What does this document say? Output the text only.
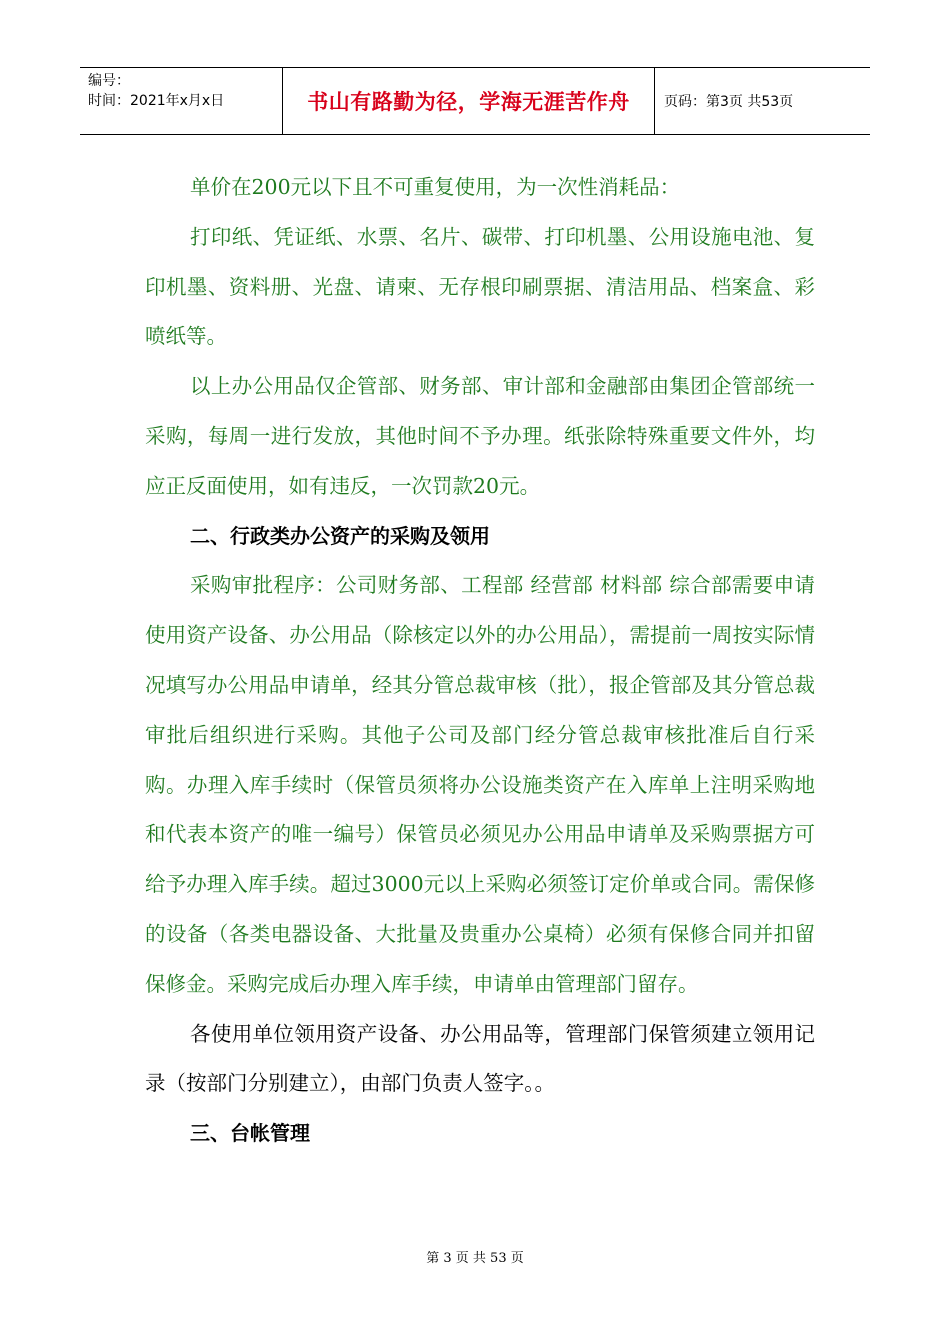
编号：
时间：2021年x月x日	书山有路勤为径，学海无涯苦作舟 页码：第3页 共53页

单价在200元以下且不可重复使用，为一次性消耗品：

打印纸、凭证纸、水票、名片、碳带、打印机墨、公用设施电池、复印机墨、资料册、光盘、请柬、无存根印刷票据、清洁用品、档案盒、彩喷纸等。

以上办公用品仅企管部、财务部、审计部和金融部由集团企管部统一采购，每周一进行发放，其他时间不予办理。纸张除特殊重要文件外，均应正反面使用，如有违反，一次罚款20元。

二、行政类办公资产的采购及领用

采购审批程序：公司财务部、工程部 经营部 材料部 综合部需要申请使用资产设备、办公用品（除核定以外的办公用品），需提前一周按实际情况填写办公用品申请单，经其分管总裁审核（批），报企管部及其分管总裁审批后组织进行采购。其他子公司及部门经分管总裁审核批准后自行采购。办理入库手续时（保管员须将办公设施类资产在入库单上注明采购地和代表本资产的唯一编号）保管员必须见办公用品申请单及采购票据方可给予办理入库手续。超过3000元以上采购必须签订定价单或合同。需保修的设备（各类电器设备、大批量及贵重办公桌椅）必须有保修合同并扣留保修金。采购完成后办理入库手续，申请单由管理部门留存。

各使用单位领用资产设备、办公用品等，管理部门保管须建立领用记录（按部门分别建立），由部门负责人签字。。

三、台帐管理

第 3 页 共 53 页
